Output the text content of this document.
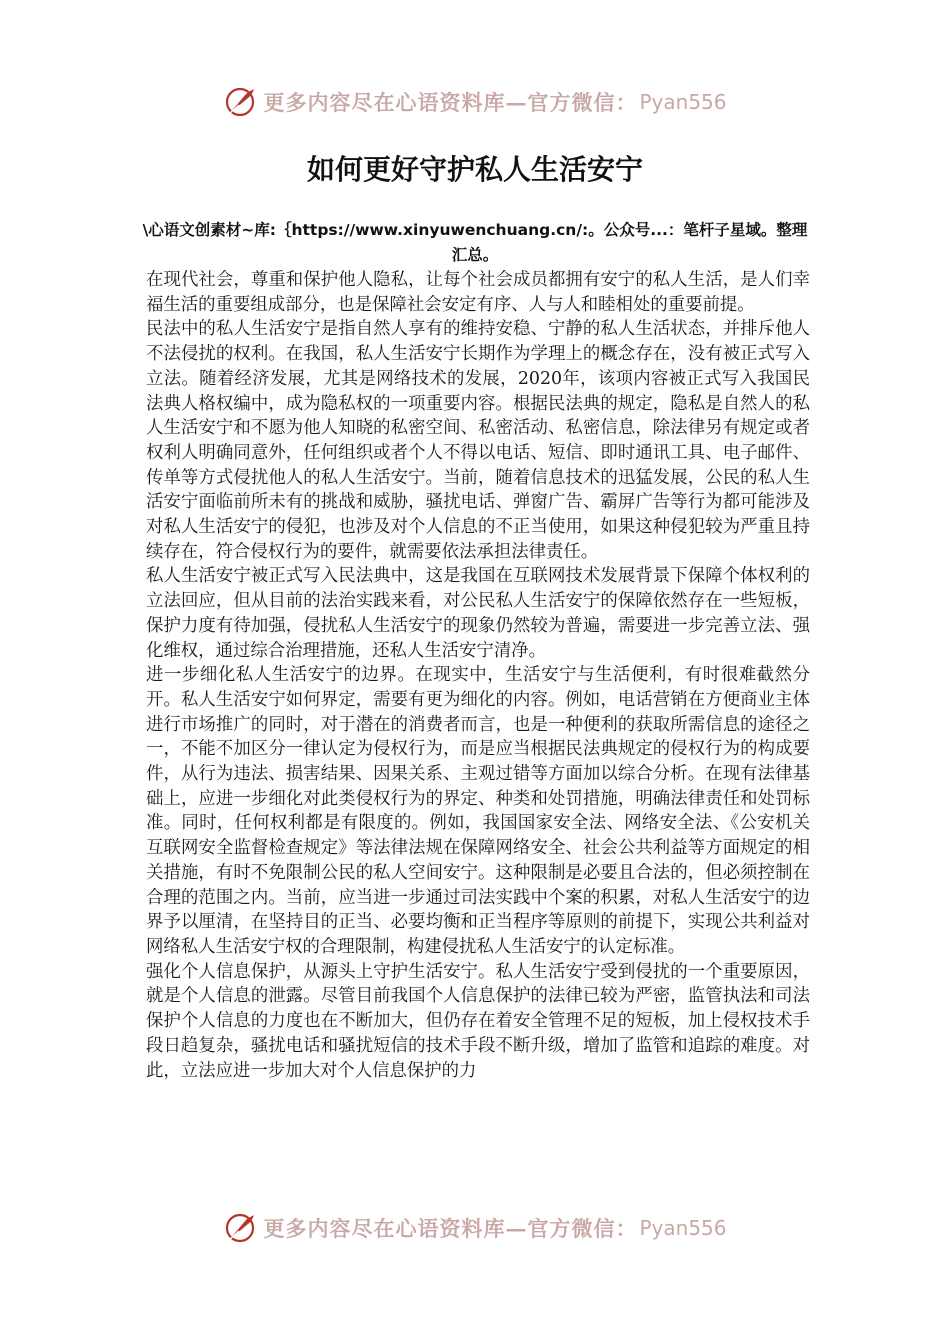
更多内容尽在心语资料库—官方微信： Pyan556
如何更好守护私人生活安宁

\心语文创素材~库:｛https://www.xinyuwenchuang.cn/:。公众号...：笔杆子星域。整理汇总。

在现代社会，尊重和保护他人隐私，让每个社会成员都拥有安宁的私人生活，是人们幸福生活的重要组成部分，也是保障社会安定有序、人与人和睦相处的重要前提。

民法中的私人生活安宁是指自然人享有的维持安稳、宁静的私人生活状态，并排斥他人不法侵扰的权利。在我国，私人生活安宁长期作为学理上的概念存在，没有被正式写入立法。随着经济发展，尤其是网络技术的发展，2020年，该项内容被正式写入我国民法典人格权编中，成为隐私权的一项重要内容。根据民法典的规定，隐私是自然人的私人生活安宁和不愿为他人知晓的私密空间、私密活动、私密信息，除法律另有规定或者权利人明确同意外，任何组织或者个人不得以电话、短信、即时通讯工具、电子邮件、传单等方式侵扰他人的私人生活安宁。当前，随着信息技术的迅猛发展，公民的私人生活安宁面临前所未有的挑战和威胁，骚扰电话、弹窗广告、霸屏广告等行为都可能涉及对私人生活安宁的侵犯，也涉及对个人信息的不正当使用，如果这种侵犯较为严重且持续存在，符合侵权行为的要件，就需要依法承担法律责任。

私人生活安宁被正式写入民法典中，这是我国在互联网技术发展背景下保障个体权利的立法回应，但从目前的法治实践来看，对公民私人生活安宁的保障依然存在一些短板，保护力度有待加强，侵扰私人生活安宁的现象仍然较为普遍，需要进一步完善立法、强化维权，通过综合治理措施，还私人生活安宁清净。

进一步细化私人生活安宁的边界。在现实中，生活安宁与生活便利，有时很难截然分开。私人生活安宁如何界定，需要有更为细化的内容。例如，电话营销在方便商业主体进行市场推广的同时，对于潜在的消费者而言，也是一种便利的获取所需信息的途径之一，不能不加区分一律认定为侵权行为，而是应当根据民法典规定的侵权行为的构成要件，从行为违法、损害结果、因果关系、主观过错等方面加以综合分析。在现有法律基础上，应进一步细化对此类侵权行为的界定、种类和处罚措施，明确法律责任和处罚标准。同时，任何权利都是有限度的。例如，我国国家安全法、网络安全法、《公安机关互联网安全监督检查规定》等法律法规在保障网络安全、社会公共利益等方面规定的相关措施，有时不免限制公民的私人空间安宁。这种限制是必要且合法的，但必须控制在合理的范围之内。当前，应当进一步通过司法实践中个案的积累，对私人生活安宁的边界予以厘清，在坚持目的正当、必要均衡和正当程序等原则的前提下，实现公共利益对网络私人生活安宁权的合理限制，构建侵扰私人生活安宁的认定标准。

强化个人信息保护，从源头上守护生活安宁。私人生活安宁受到侵扰的一个重要原因，就是个人信息的泄露。尽管目前我国个人信息保护的法律已较为严密，监管执法和司法保护个人信息的力度也在不断加大，但仍存在着安全管理不足的短板，加上侵权技术手段日趋复杂，骚扰电话和骚扰短信的技术手段不断升级，增加了监管和追踪的难度。对此，立法应进一步加大对个人信息保护的力

更多内容尽在心语资料库—官方微信： Pyan556
